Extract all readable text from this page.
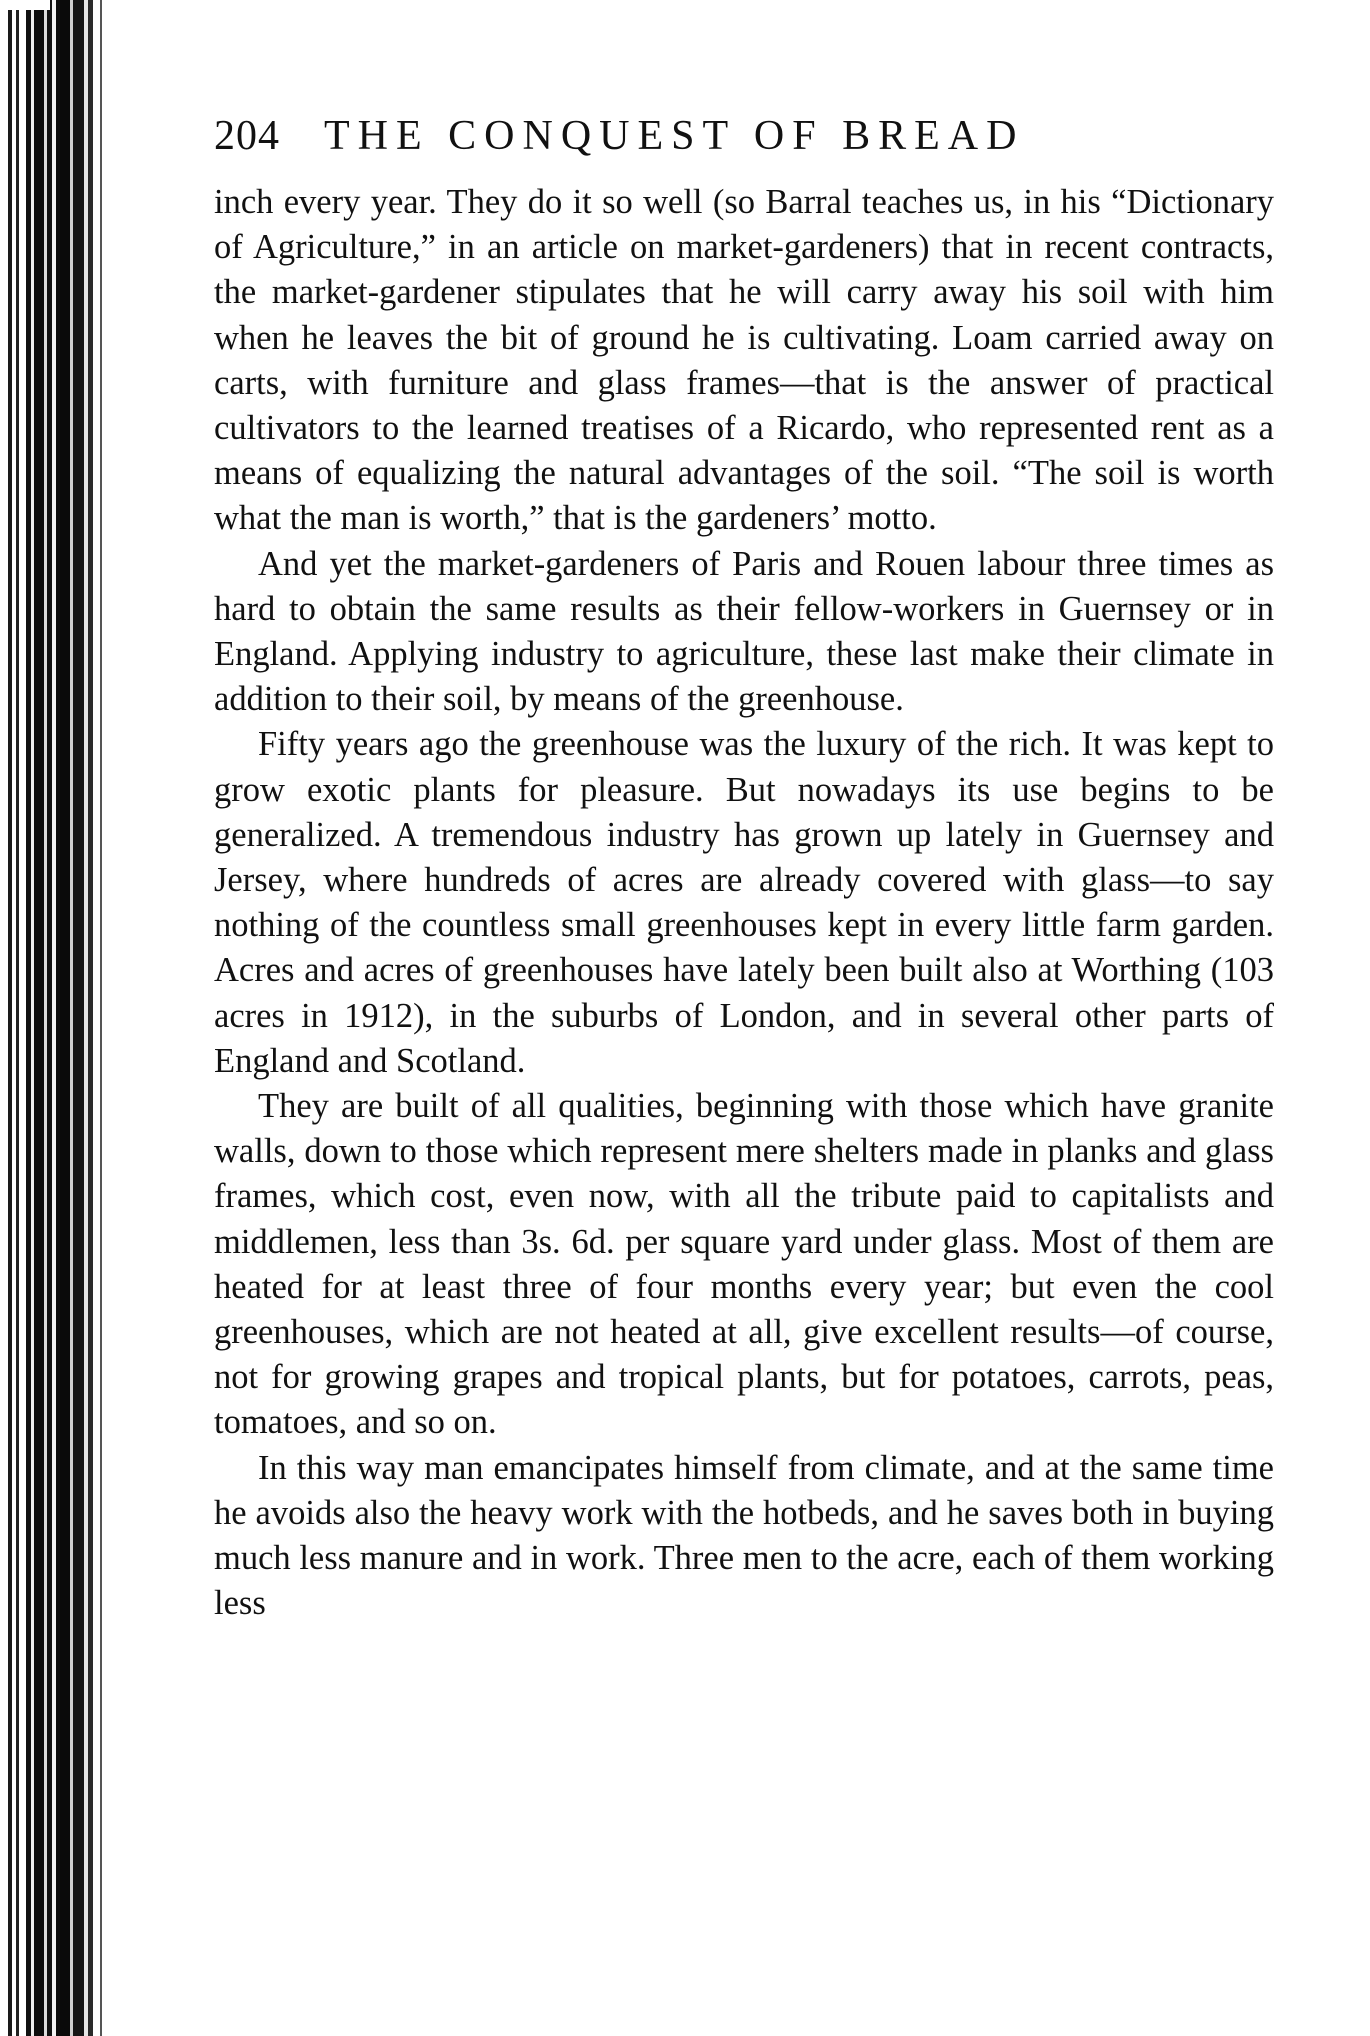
204	THE CONQUEST OF BREAD

inch every year. They do it so well (so Barral teaches us, in his “Dictionary of Agriculture,” in an article on market-gardeners) that in recent contracts, the market-gardener stipulates that he will carry away his soil with him when he leaves the bit of ground he is cultivating. Loam carried away on carts, with furniture and glass frames—that is the answer of practical cultivators to the learned treatises of a Ricardo, who represented rent as a means of equalizing the natural advantages of the soil. “The soil is worth what the man is worth,” that is the gardeners’ motto.

And yet the market-gardeners of Paris and Rouen labour three times as hard to obtain the same results as their fellow-workers in Guernsey or in England. Applying industry to agriculture, these last make their climate in addition to their soil, by means of the greenhouse.

Fifty years ago the greenhouse was the luxury of the rich. It was kept to grow exotic plants for pleasure. But nowadays its use begins to be generalized. A tremendous industry has grown up lately in Guernsey and Jersey, where hundreds of acres are already covered with glass—to say nothing of the countless small greenhouses kept in every little farm garden. Acres and acres of greenhouses have lately been built also at Worthing (103 acres in 1912), in the suburbs of London, and in several other parts of England and Scotland.

They are built of all qualities, beginning with those which have granite walls, down to those which represent mere shelters made in planks and glass frames, which cost, even now, with all the tribute paid to capitalists and middlemen, less than 3s. 6d. per square yard under glass. Most of them are heated for at least three of four months every year; but even the cool greenhouses, which are not heated at all, give excellent results—of course, not for growing grapes and tropical plants, but for potatoes, carrots, peas, tomatoes, and so on.

In this way man emancipates himself from climate, and at the same time he avoids also the heavy work with the hotbeds, and he saves both in buying much less manure and in work. Three men to the acre, each of them working less
